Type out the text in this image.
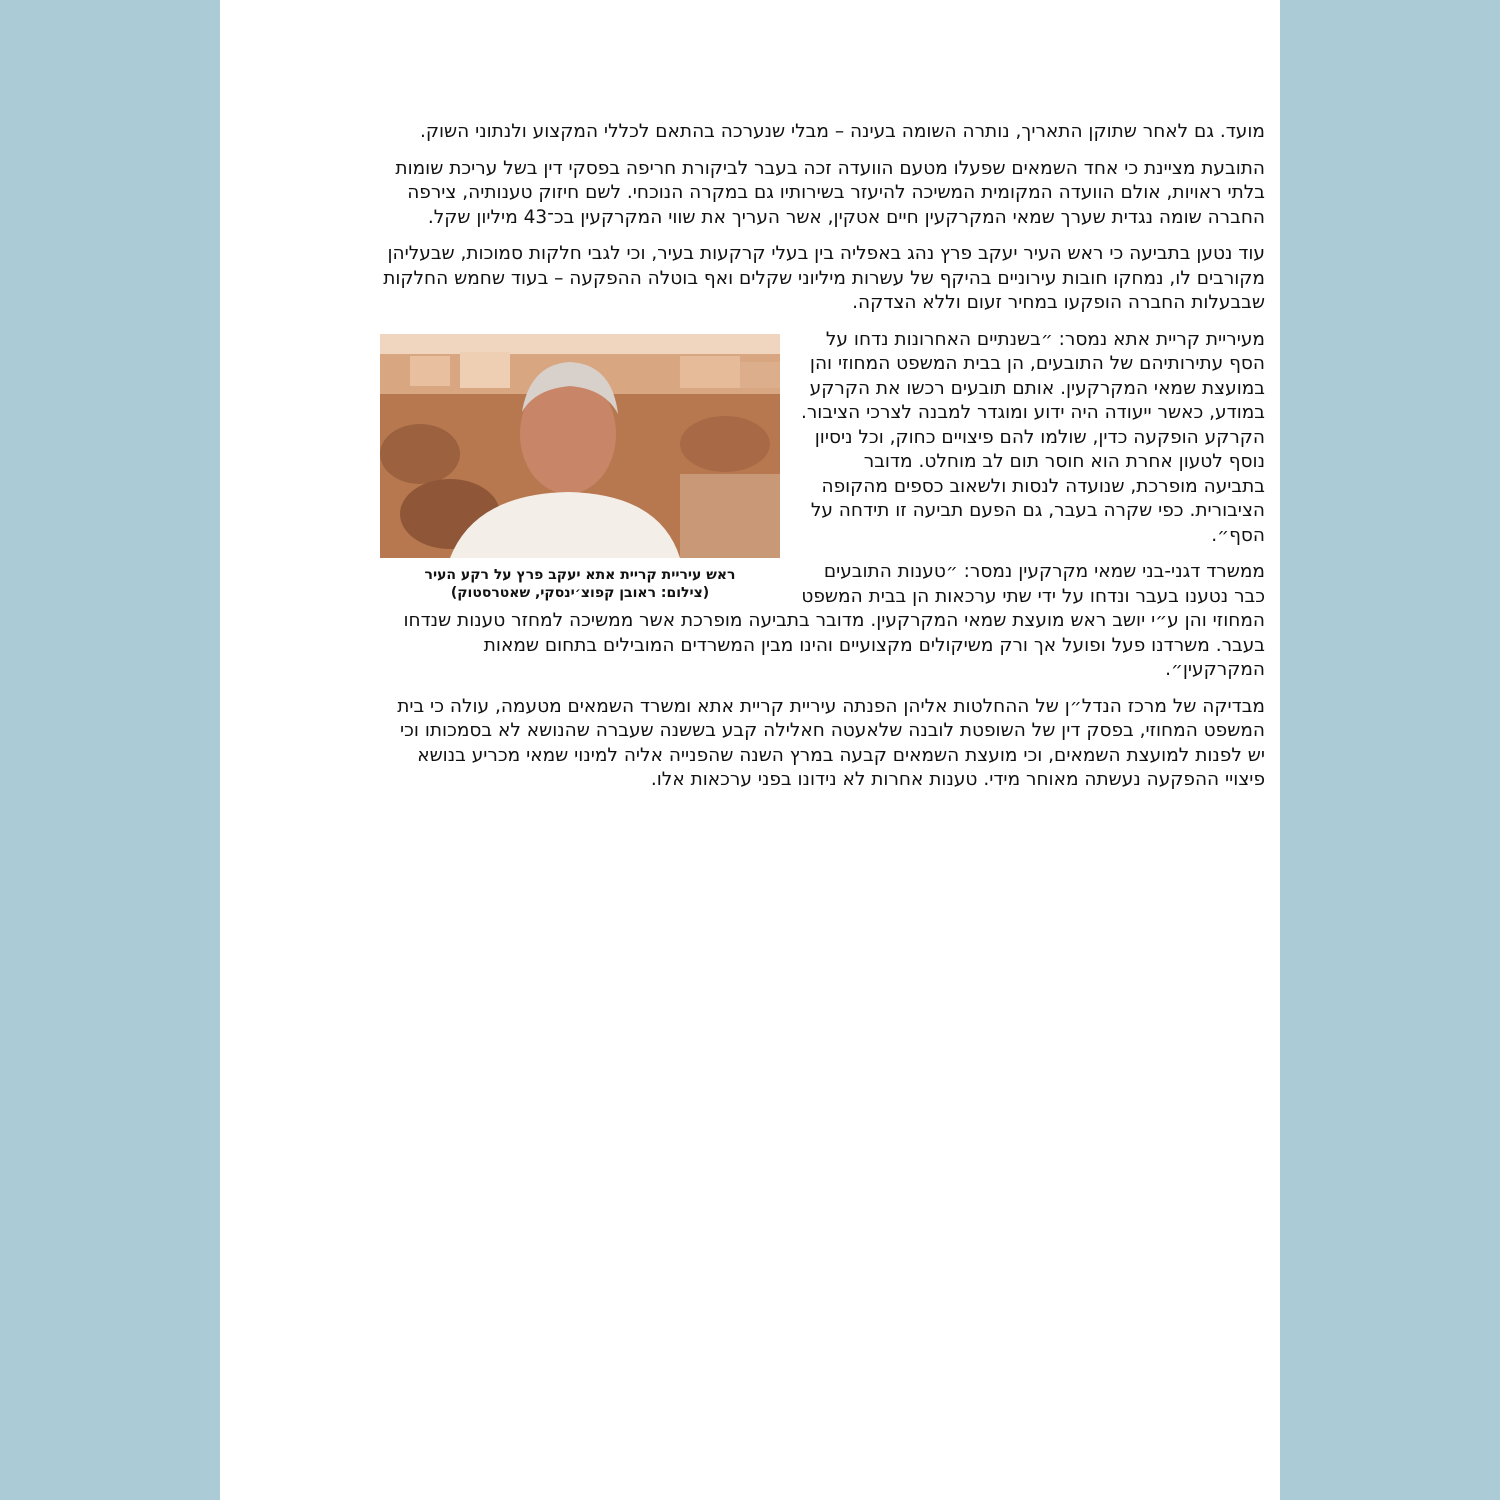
מועד. גם לאחר שתוקן התאריך, נותרה השומה בעינה – מבלי שנערכה בהתאם לכללי המקצוע ולנתוני השוק.

התובעת מציינת כי אחד השמאים שפעלו מטעם הוועדה זכה בעבר לביקורת חריפה בפסקי דין בשל עריכת שומות בלתי ראויות, אולם הוועדה המקומית המשיכה להיעזר בשירותיו גם במקרה הנוכחי. לשם חיזוק טענותיה, צירפה החברה שומה נגדית שערך שמאי המקרקעין חיים אטקין, אשר העריך את שווי המקרקעין בכ־43 מיליון שקל.

עוד נטען בתביעה כי ראש העיר יעקב פרץ נהג באפליה בין בעלי קרקעות בעיר, וכי לגבי חלקות סמוכות, שבעליהן מקורבים לו, נמחקו חובות עירוניים בהיקף של עשרות מיליוני שקלים ואף בוטלה ההפקעה – בעוד שחמש החלקות שבבעלות החברה הופקעו במחיר זעום וללא הצדקה.

ראש עיריית קריית אתא יעקב פרץ על רקע העיר
(צילום: ראובן קפוצ׳ינסקי, שאטרסטוק)

מעיריית קריית אתא נמסר: ״בשנתיים האחרונות נדחו על הסף עתירותיהם של התובעים, הן בבית המשפט המחוזי והן במועצת שמאי המקרקעין. אותם תובעים רכשו את הקרקע במודע, כאשר ייעודה היה ידוע ומוגדר למבנה לצרכי הציבור. הקרקע הופקעה כדין, שולמו להם פיצויים כחוק, וכל ניסיון נוסף לטעון אחרת הוא חוסר תום לב מוחלט. מדובר בתביעה מופרכת, שנועדה לנסות ולשאוב כספים מהקופה הציבורית. כפי שקרה בעבר, גם הפעם תביעה זו תידחה על הסף״.

ממשרד דגני-בני שמאי מקרקעין נמסר: ״טענות התובעים כבר נטענו בעבר ונדחו על ידי שתי ערכאות הן בבית המשפט המחוזי והן ע״י יושב ראש מועצת שמאי המקרקעין. מדובר בתביעה מופרכת אשר ממשיכה למחזר טענות שנדחו בעבר. משרדנו פעל ופועל אך ורק משיקולים מקצועיים והינו מבין המשרדים המובילים בתחום שמאות המקרקעין״.

מבדיקה של מרכז הנדל״ן של ההחלטות אליהן הפנתה עיריית קריית אתא ומשרד השמאים מטעמה, עולה כי בית המשפט המחוזי, בפסק דין של השופטת לובנה שלאעטה חאלילה קבע בששנה שעברה שהנושא לא בסמכותו וכי יש לפנות למועצת השמאים, וכי מועצת השמאים קבעה במרץ השנה שהפנייה אליה למינוי שמאי מכריע בנושא פיצויי ההפקעה נעשתה מאוחר מידי. טענות אחרות לא נידונו בפני ערכאות אלו.
